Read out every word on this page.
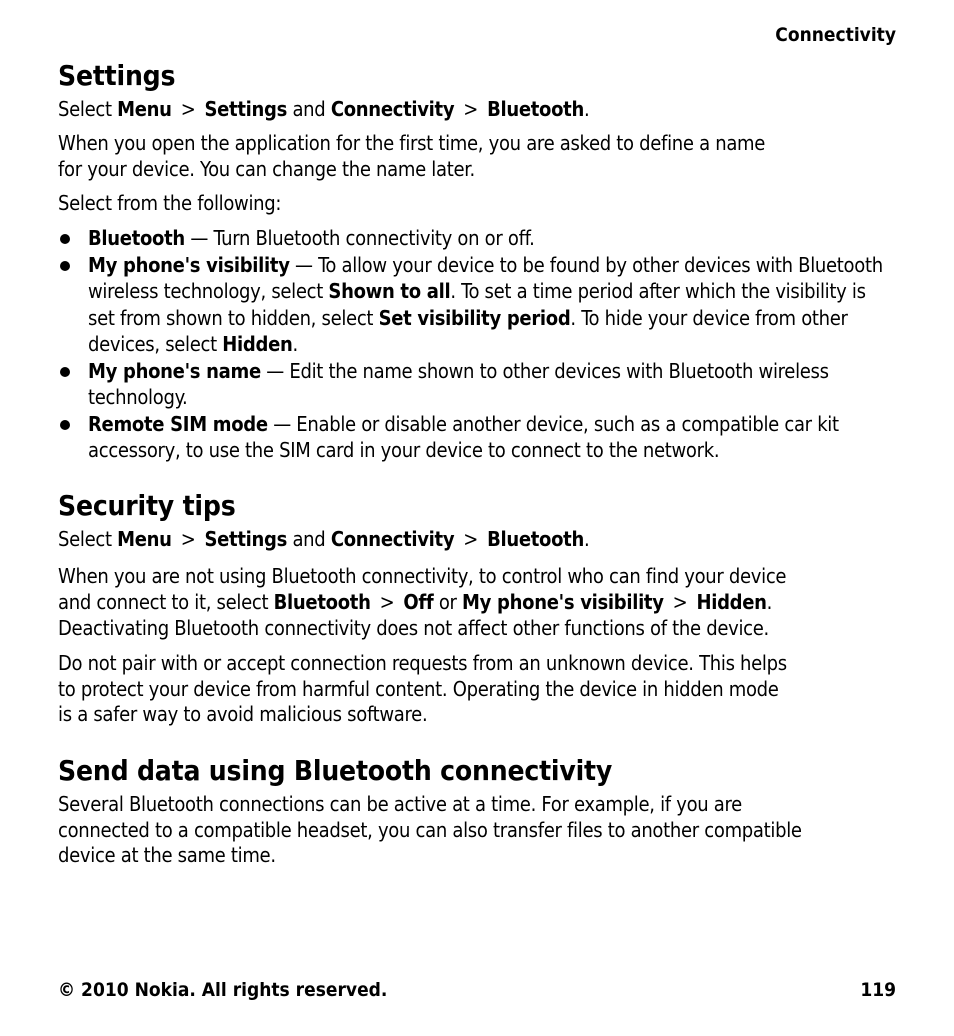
Connectivity
Settings

Select Menu > Settings and Connectivity > Bluetooth.

When you open the application for the first time, you are asked to define a name

for your device. You can change the name later.

Select from the following:

Bluetooth — Turn Bluetooth connectivity on or off.
My phone's visibility — To allow your device to be found by other devices with Bluetooth wireless technology, select Shown to all. To set a time period after which the visibility is set from shown to hidden, select Set visibility period. To hide your device from other devices, select Hidden.
My phone's name — Edit the name shown to other devices with Bluetooth wireless technology.
Remote SIM mode — Enable or disable another device, such as a compatible car kit accessory, to use the SIM card in your device to connect to the network.
Security tips

Select Menu > Settings and Connectivity > Bluetooth.

When you are not using Bluetooth connectivity, to control who can find your device

and connect to it, select Bluetooth > Off or My phone's visibility > Hidden.

Deactivating Bluetooth connectivity does not affect other functions of the device.

Do not pair with or accept connection requests from an unknown device. This helps

to protect your device from harmful content. Operating the device in hidden mode

is a safer way to avoid malicious software.

Send data using Bluetooth connectivity

Several Bluetooth connections can be active at a time. For example, if you are

connected to a compatible headset, you can also transfer files to another compatible

device at the same time.

© 2010 Nokia. All rights reserved.	119
